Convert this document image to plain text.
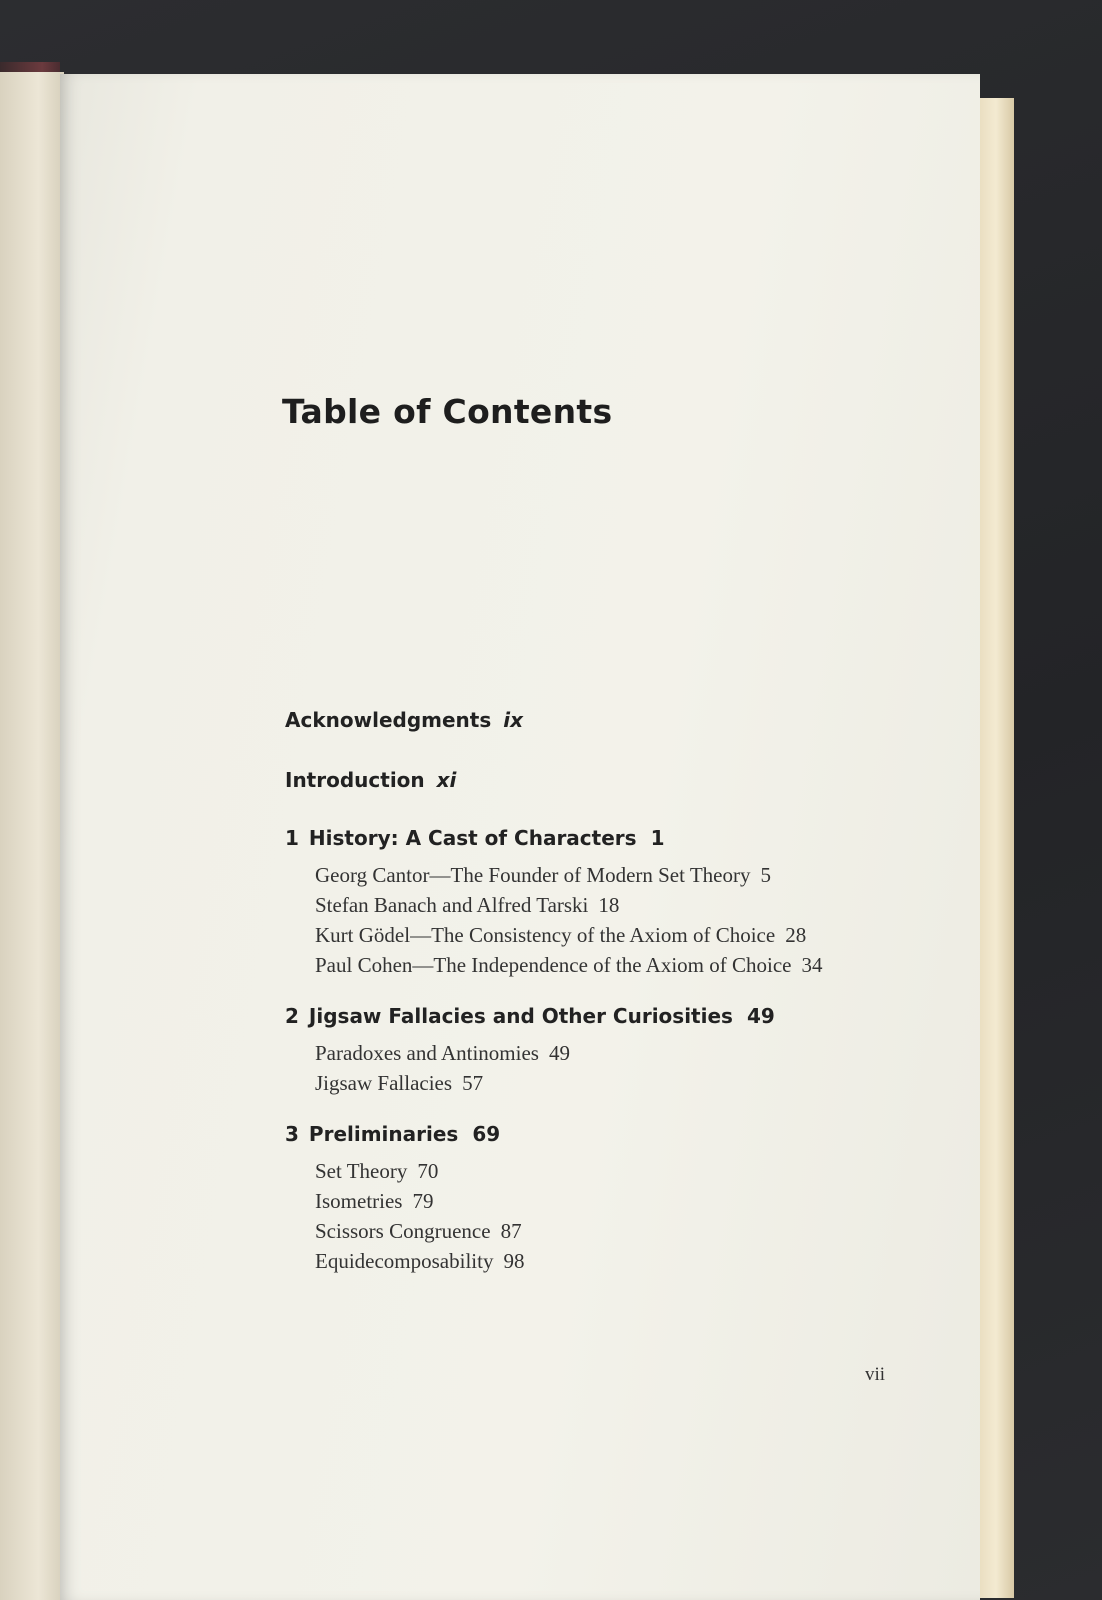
Table of Contents
Acknowledgments ix
Introduction xi
1 History: A Cast of Characters 1
Georg Cantor—The Founder of Modern Set Theory 5
Stefan Banach and Alfred Tarski 18
Kurt Gödel—The Consistency of the Axiom of Choice 28
Paul Cohen—The Independence of the Axiom of Choice 34
2 Jigsaw Fallacies and Other Curiosities 49
Paradoxes and Antinomies 49
Jigsaw Fallacies 57
3 Preliminaries 69
Set Theory 70
Isometries 79
Scissors Congruence 87
Equidecomposability 98
vii
